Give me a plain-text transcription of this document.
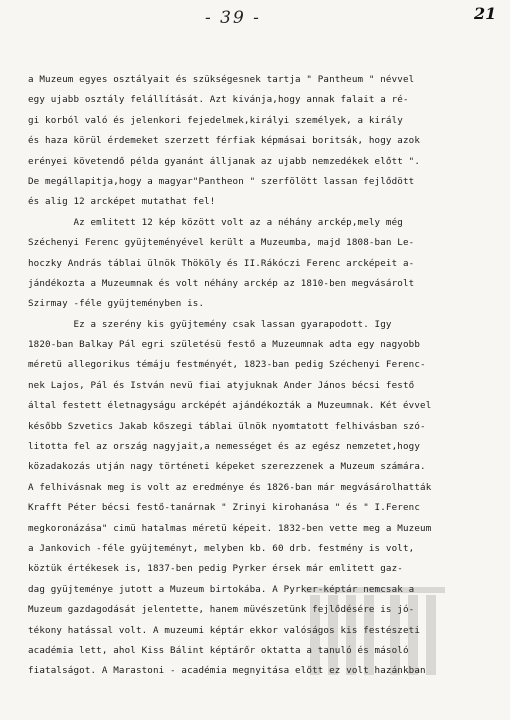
- 39 -	21
a Muzeum egyes osztályait és szükségesnek tartja " Pantheum " névvel
egy ujabb osztály felállítását. Azt kivánja,hogy annak falait a ré-
gi korból való és jelenkori fejedelmek,királyi személyek, a király
és haza körül érdemeket szerzett férfiak képmásai boritsák, hogy azok
erényei követendő példa gyanánt álljanak az ujabb nemzedékek előtt ".
De megállapitja,hogy a magyar"Pantheon " szerfölött lassan fejlődött
és alig 12 arcképet mutathat fel!
Az emlitett 12 kép között volt az a néhány arckép,mely még
Széchenyi Ferenc gyüjteményével került a Muzeumba, majd 1808-ban Le-
hoczky András táblai ülnök Thököly és II.Rákóczi Ferenc arcképeit a-
jándékozta a Muzeumnak és volt néhány arckép az 1810-ben megvásárolt
Szirmay -féle gyüjteményben is.
Ez a szerény kis gyüjtemény csak lassan gyarapodott. Igy
1820-ban Balkay Pál egri születésü festő a Muzeumnak adta egy nagyobb
méretü allegorikus témáju festményét, 1823-ban pedig Széchenyi Ferenc-
nek Lajos, Pál és István nevü fiai atyjuknak Ander János bécsi festő
által festett életnagyságu arcképét ajándékozták a Muzeumnak. Két évvel
később Szvetics Jakab kőszegi táblai ülnök nyomtatott felhivásban szó-
litotta fel az ország nagyjait,a nemességet és az egész nemzetet,hogy
közadakozás utján nagy történeti képeket szerezzenek a Muzeum számára.
A felhivásnak meg is volt az eredménye és 1826-ban már megvásárolhatták
Krafft Péter bécsi festő-tanárnak " Zrinyi kirohanása " és " I.Ferenc
megkoronázása" cimü hatalmas méretü képeit. 1832-ben vette meg a Muzeum
a Jankovich -féle gyüjteményt, melyben kb. 60 drb. festmény is volt,
köztük értékesek is, 1837-ben pedig Pyrker érsek már emlitett gaz-
dag gyüjteménye jutott a Muzeum birtokába. A Pyrker-képtár nemcsak a
Muzeum gazdagodását jelentette, hanem müvészetünk fejlődésére is jó-
tékony hatással volt. A muzeumi képtár ekkor valóságos kis festészeti
académia lett, ahol Kiss Bálint képtárőr oktatta a tanuló és másoló
fiatalságot. A Marastoni - académia megnyitása előtt ez volt hazánkban
